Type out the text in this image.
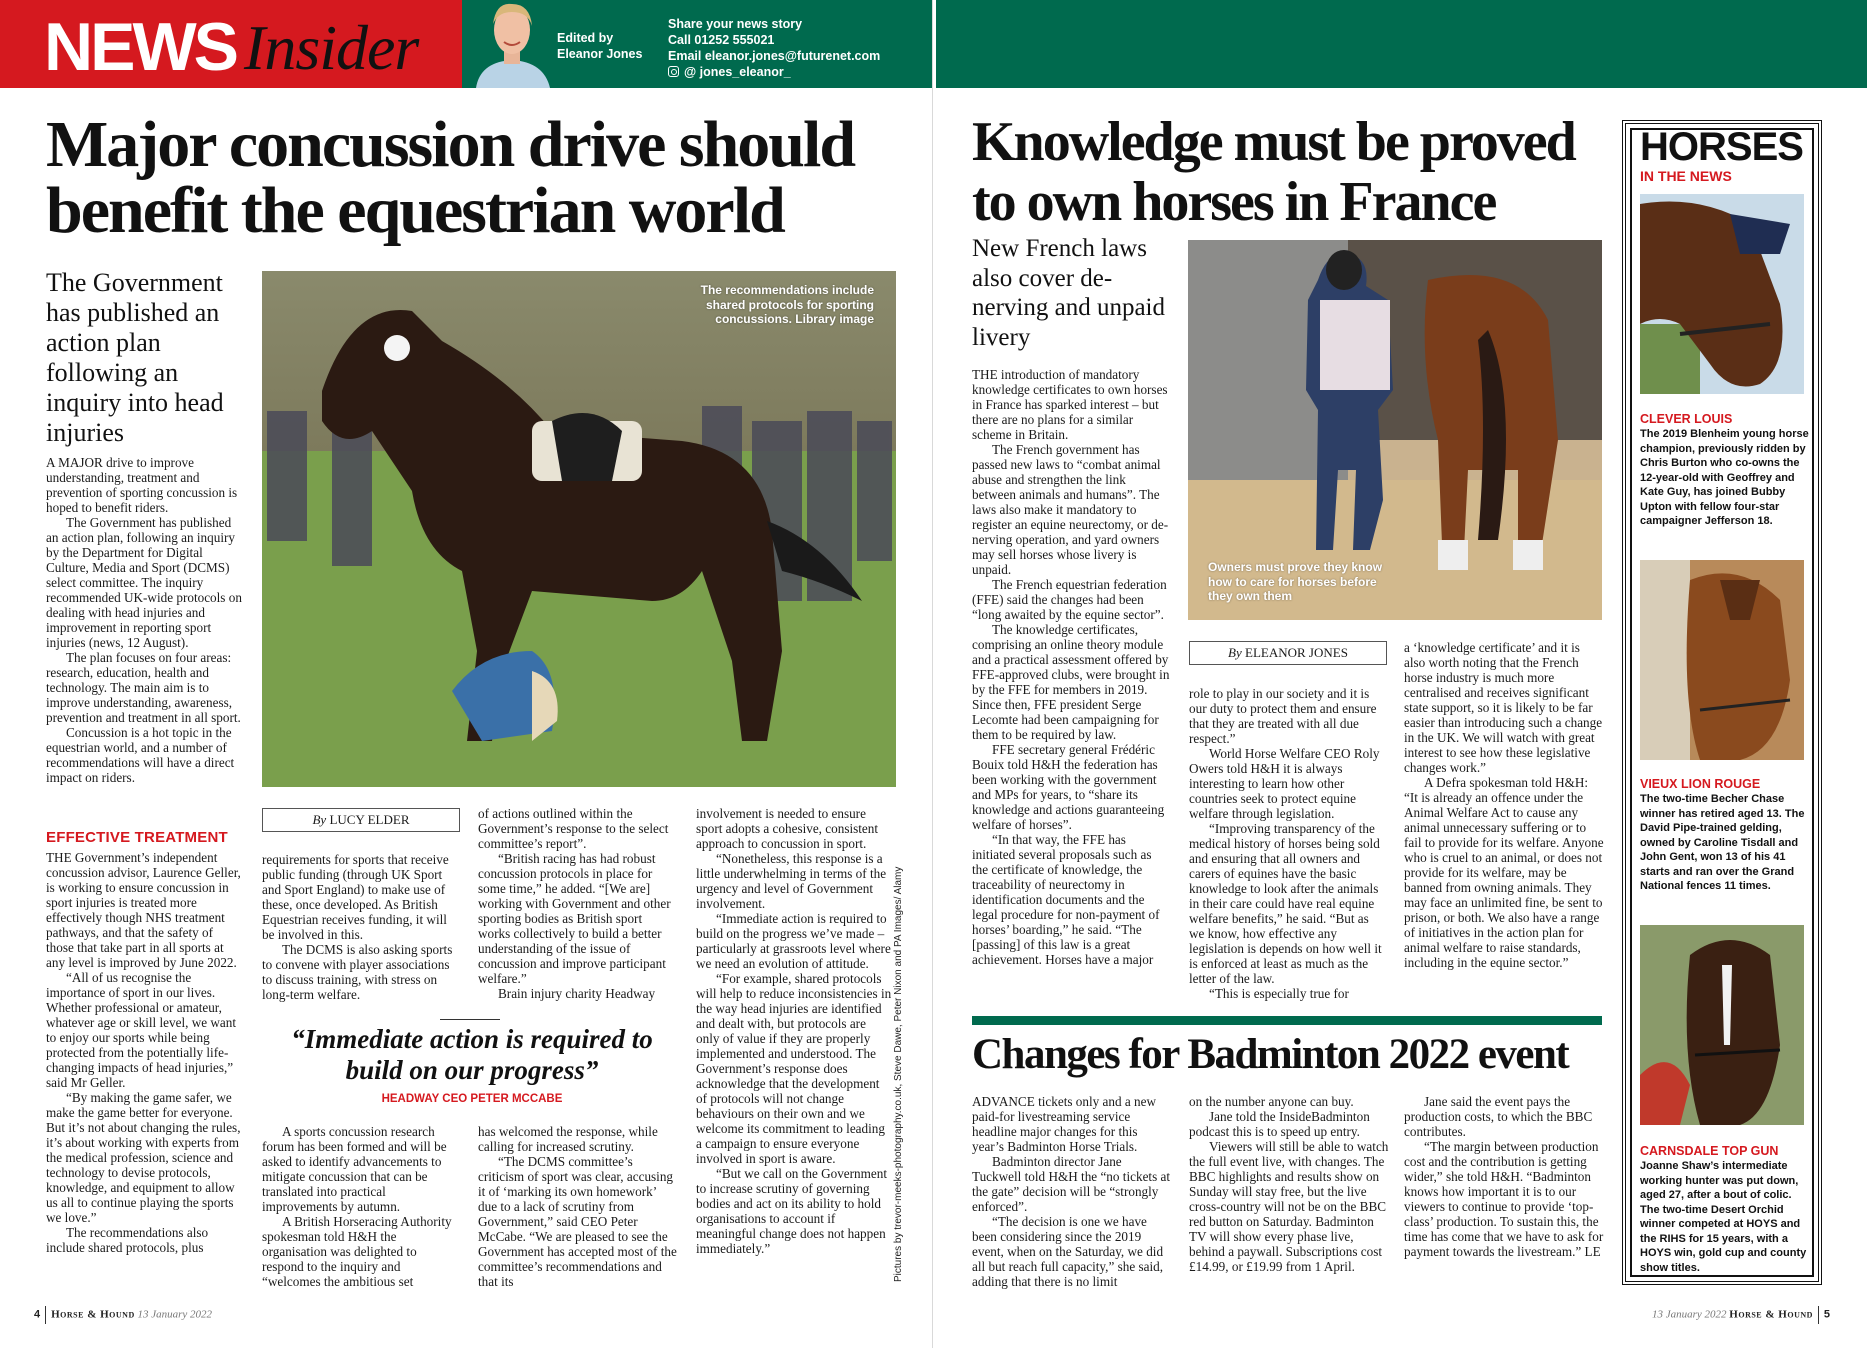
NEWS Insider	Edited by
Eleanor Jones
Share your news story
Call 01252 555021
Email eleanor.jones@futurenet.com
@ jones_eleanor_
Major concussion drive should
benefit the equestrian world
The Government has published an action plan following an inquiry into head injuries

A MAJOR drive to improve understanding, treatment and prevention of sporting concussion is hoped to benefit riders.

The Government has published an action plan, following an inquiry by the Department for Digital Culture, Media and Sport (DCMS) select committee. The inquiry recommended UK-wide protocols on dealing with head injuries and improvement in reporting sport injuries (news, 12 August).

The plan focuses on four areas: research, education, health and technology. The main aim is to improve understanding, awareness, prevention and treatment in all sport.

Concussion is a hot topic in the equestrian world, and a number of recommendations will have a direct impact on riders.

EFFECTIVE TREATMENT

THE Government’s independent concussion advisor, Laurence Geller, is working to ensure concussion in sport injuries is treated more effectively though NHS treatment pathways, and that the safety of those that take part in all sports at any level is improved by June 2022.

“All of us recognise the importance of sport in our lives. Whether professional or amateur, whatever age or skill level, we want to enjoy our sports while being protected from the potentially life-changing impacts of head injuries,” said Mr Geller.

“By making the game safer, we make the game better for everyone. But it’s not about changing the rules, it’s about working with experts from the medical profession, science and technology to devise protocols, knowledge, and equipment to allow us all to continue playing the sports we love.”

The recommendations also include shared protocols, plus

The recommendations include shared protocols for sporting concussions. Library image
By LUCY ELDER

requirements for sports that receive public funding (through UK Sport and Sport England) to make use of these, once developed. As British Equestrian receives funding, it will be involved in this.

The DCMS is also asking sports to convene with player associations to discuss training, with stress on long-term welfare.

of actions outlined within the Government’s response to the select committee’s report”.

“British racing has had robust concussion protocols in place for some time,” he added. “[We are] working with Government and other sporting bodies as British sport works collectively to build a better understanding of the issue of concussion and improve participant welfare.”

Brain injury charity Headway

“Immediate action is required to build on our progress”
HEADWAY CEO PETER MCCABE

A sports concussion research forum has been formed and will be asked to identify advancements to mitigate concussion that can be translated into practical improvements by autumn.

A British Horseracing Authority spokesman told H&H the organisation was delighted to respond to the inquiry and “welcomes the ambitious set

has welcomed the response, while calling for increased scrutiny.

“The DCMS committee’s criticism of sport was clear, accusing it of ‘marking its own homework’ due to a lack of scrutiny from Government,” said CEO Peter McCabe. “We are pleased to see the Government has accepted most of the committee’s recommendations and that its

involvement is needed to ensure sport adopts a cohesive, consistent approach to concussion in sport.

“Nonetheless, this response is a little underwhelming in terms of the urgency and level of Government involvement.

“Immediate action is required to build on the progress we’ve made – particularly at grassroots level where we need an evolution of attitude.

“For example, shared protocols will help to reduce inconsistencies in the way head injuries are identified and dealt with, but protocols are only of value if they are properly implemented and understood. The Government’s response does acknowledge that the development of protocols will not change behaviours on their own and we welcome its commitment to leading a campaign to ensure everyone involved in sport is aware.

“But we call on the Government to increase scrutiny of governing bodies and act on its ability to hold organisations to account if meaningful change does not happen immediately.”	Pictures by trevor-meeks-photography.co.uk, Steve Dawe, Peter Nixon and PA Images/ Alamy
Knowledge must be proved
to own horses in France
New French laws also cover de-nerving and unpaid livery
Owners must prove they know how to care for horses before they own them

THE introduction of mandatory knowledge certificates to own horses in France has sparked interest – but there are no plans for a similar scheme in Britain.

The French government has passed new laws to “combat animal abuse and strengthen the link between animals and humans”. The laws also make it mandatory to register an equine neurectomy, or de-nerving operation, and yard owners may sell horses whose livery is unpaid.

The French equestrian federation (FFE) said the changes had been “long awaited by the equine sector”.

The knowledge certificates, comprising an online theory module and a practical assessment offered by FFE-approved clubs, were brought in by the FFE for members in 2019. Since then, FFE president Serge Lecomte had been campaigning for them to be required by law.

FFE secretary general Frédéric Bouix told H&H the federation has been working with the government and MPs for years, to “share its knowledge and actions guaranteeing welfare of horses”.

“In that way, the FFE has initiated several proposals such as the certificate of knowledge, the traceability of neurectomy in identification documents and the legal procedure for non-payment of horses’ boarding,” he said. “The [passing] of this law is a great achievement. Horses have a major

By ELEANOR JONES

role to play in our society and it is our duty to protect them and ensure that they are treated with all due respect.”

World Horse Welfare CEO Roly Owers told H&H it is always interesting to learn how other countries seek to protect equine welfare through legislation.

“Improving transparency of the medical history of horses being sold and ensuring that all owners and carers of equines have the basic knowledge to look after the animals in their care could have real equine welfare benefits,” he said. “But as we know, how effective any legislation is depends on how well it is enforced at least as much as the letter of the law.

“This is especially true for

a ‘knowledge certificate’ and it is also worth noting that the French horse industry is much more centralised and receives significant state support, so it is likely to be far easier than introducing such a change in the UK. We will watch with great interest to see how these legislative changes work.”

A Defra spokesman told H&H: “It is already an offence under the Animal Welfare Act to cause any animal unnecessary suffering or to fail to provide for its welfare. Anyone who is cruel to an animal, or does not provide for its welfare, may be banned from owning animals. They may face an unlimited fine, be sent to prison, or both. We also have a range of initiatives in the action plan for animal welfare to raise standards, including in the equine sector.”

Changes for Badminton 2022 event

ADVANCE tickets only and a new paid-for livestreaming service headline major changes for this year’s Badminton Horse Trials.

Badminton director Jane Tuckwell told H&H the “no tickets at the gate” decision will be “strongly enforced”.

“The decision is one we have been considering since the 2019 event, when on the Saturday, we did all but reach full capacity,” she said, adding that there is no limit

on the number anyone can buy.

Jane told the InsideBadminton podcast this is to speed up entry.

Viewers will still be able to watch the full event live, with changes. The BBC highlights and results show on Sunday will stay free, but the live cross-country will not be on the BBC red button on Saturday. Badminton TV will show every phase live, behind a paywall. Subscriptions cost £14.99, or £19.99 from 1 April.

Jane said the event pays the production costs, to which the BBC contributes.

“The margin between production cost and the contribution is getting wider,” she told H&H. “Badminton knows how important it is to our viewers to continue to provide ‘top-class’ production. To sustain this, the time has come that we have to ask for payment towards the livestream.” LE

HORSES
IN THE NEWS
CLEVER LOUIS
The 2019 Blenheim young horse champion, previously ridden by Chris Burton who co-owns the 12-year-old with Geoffrey and Kate Guy, has joined Bubby Upton with fellow four-star campaigner Jefferson 18.
VIEUX LION ROUGE
The two-time Becher Chase winner has retired aged 13. The David Pipe-trained gelding, owned by Caroline Tisdall and John Gent, won 13 of his 41 starts and ran over the Grand National fences 11 times.
CARNSDALE TOP GUN
Joanne Shaw’s intermediate working hunter was put down, aged 27, after a bout of colic. The two-time Desert Orchid winner competed at HOYS and the RIHS for 15 years, with a HOYS win, gold cup and county show titles.
4 Horse & Hound 13 January 2022	13 January 2022 Horse & Hound 5
